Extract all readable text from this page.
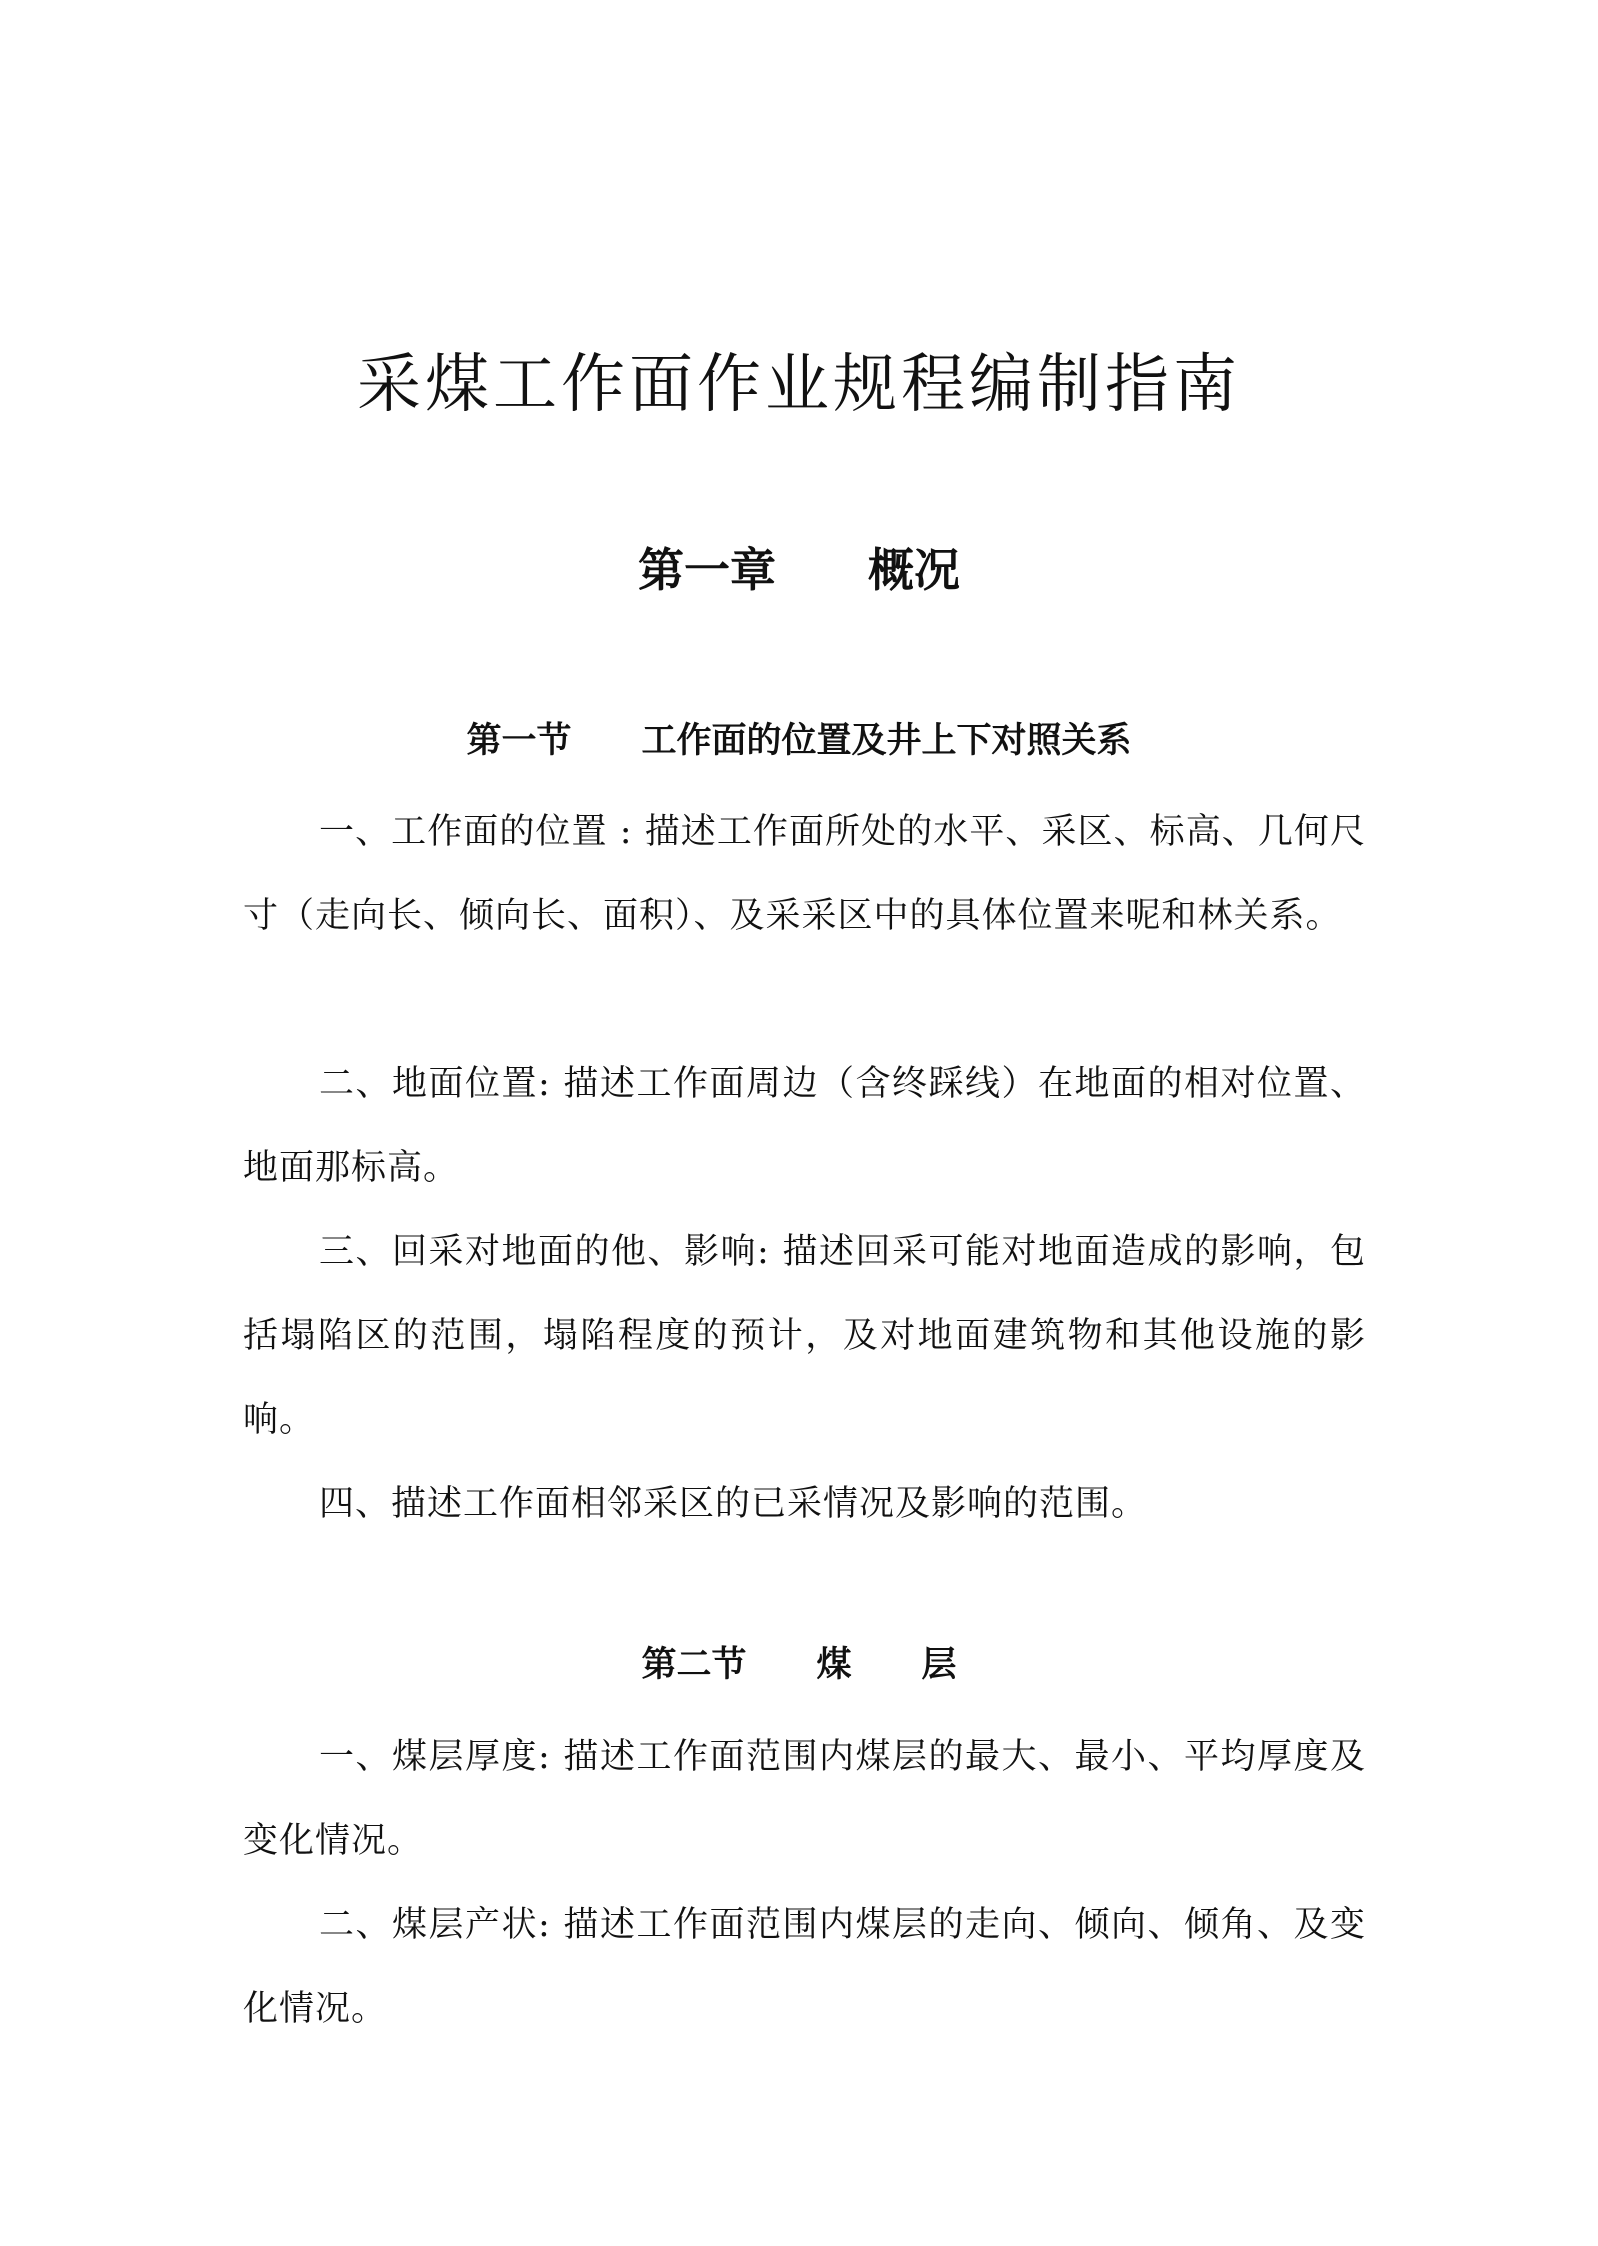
采煤工作面作业规程编制指南
第一章　　概况
第一节　　工作面的位置及井上下对照关系

一、工作面的位置 : 描述工作面所处的水平、采区、标高、几何尺寸（走向长、倾向长、面积）、及采采区中的具体位置来呢和林关系。

二、地面位置: 描述工作面周边（含终踩线）在地面的相对位置、地面那标高。

三、回采对地面的他、影响: 描述回采可能对地面造成的影响，包括塌陷区的范围，塌陷程度的预计，及对地面建筑物和其他设施的影响。

四、描述工作面相邻采区的已采情况及影响的范围。

第二节　　煤　　层

一、煤层厚度: 描述工作面范围内煤层的最大、最小、平均厚度及变化情况。

二、煤层产状: 描述工作面范围内煤层的走向、倾向、倾角、及变化情况。
